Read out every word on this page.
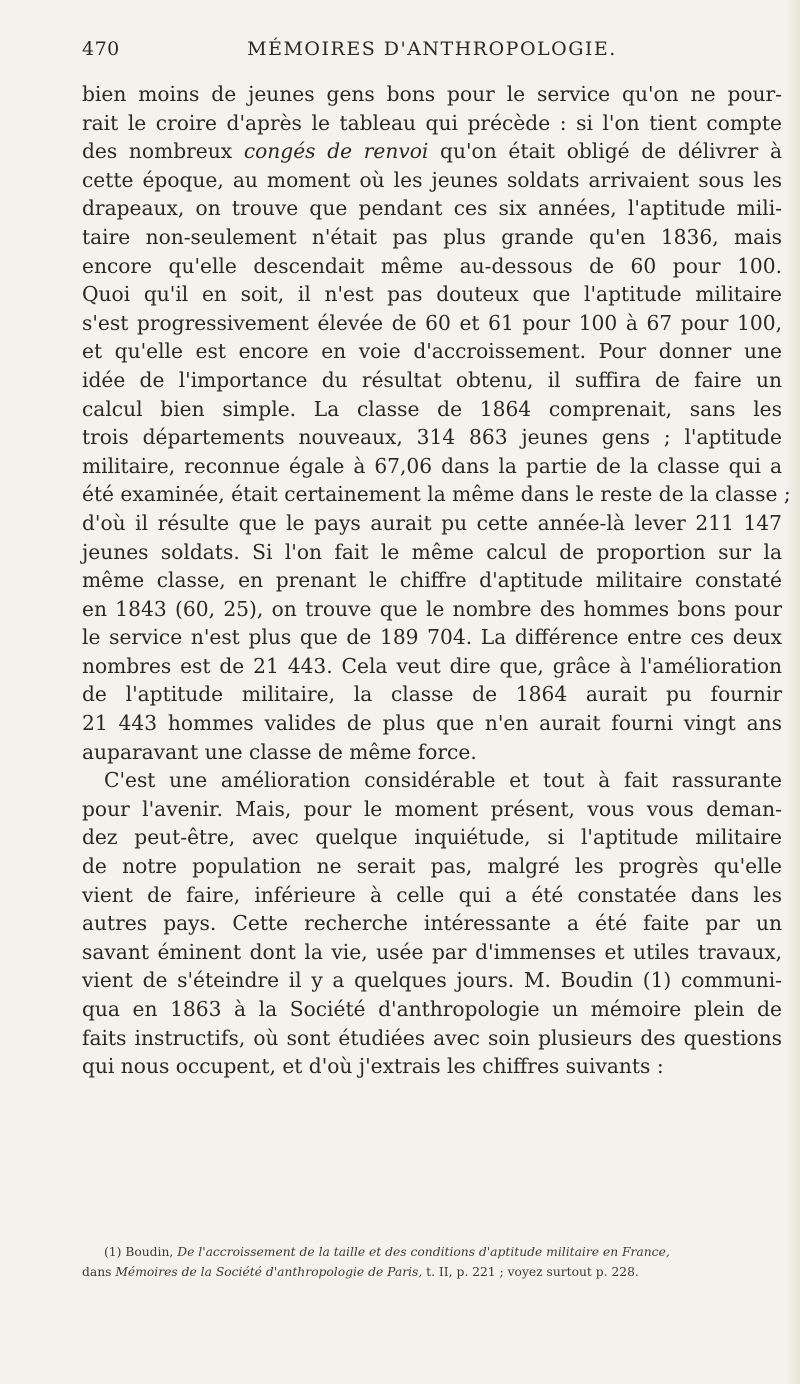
470	MÉMOIRES D'ANTHROPOLOGIE.
bien moins de jeunes gens bons pour le service qu'on ne pour-
rait le croire d'après le tableau qui précède : si l'on tient compte
des nombreux congés de renvoi qu'on était obligé de délivrer à
cette époque, au moment où les jeunes soldats arrivaient sous les
drapeaux, on trouve que pendant ces six années, l'aptitude mili-
taire non-seulement n'était pas plus grande qu'en 1836, mais
encore qu'elle descendait même au-dessous de 60 pour 100.
Quoi qu'il en soit, il n'est pas douteux que l'aptitude militaire
s'est progressivement élevée de 60 et 61 pour 100 à 67 pour 100,
et qu'elle est encore en voie d'accroissement. Pour donner une
idée de l'importance du résultat obtenu, il suffira de faire un
calcul bien simple. La classe de 1864 comprenait, sans les
trois départements nouveaux, 314 863 jeunes gens ; l'aptitude
militaire, reconnue égale à 67,06 dans la partie de la classe qui a
été examinée, était certainement la même dans le reste de la classe ;
d'où il résulte que le pays aurait pu cette année-là lever 211 147
jeunes soldats. Si l'on fait le même calcul de proportion sur la
même classe, en prenant le chiffre d'aptitude militaire constaté
en 1843 (60, 25), on trouve que le nombre des hommes bons pour
le service n'est plus que de 189 704. La différence entre ces deux
nombres est de 21 443. Cela veut dire que, grâce à l'amélioration
de l'aptitude militaire, la classe de 1864 aurait pu fournir
21 443 hommes valides de plus que n'en aurait fourni vingt ans
auparavant une classe de même force.
C'est une amélioration considérable et tout à fait rassurante
pour l'avenir. Mais, pour le moment présent, vous vous deman-
dez peut-être, avec quelque inquiétude, si l'aptitude militaire
de notre population ne serait pas, malgré les progrès qu'elle
vient de faire, inférieure à celle qui a été constatée dans les
autres pays. Cette recherche intéressante a été faite par un
savant éminent dont la vie, usée par d'immenses et utiles travaux,
vient de s'éteindre il y a quelques jours. M. Boudin (1) communi-
qua en 1863 à la Société d'anthropologie un mémoire plein de
faits instructifs, où sont étudiées avec soin plusieurs des questions
qui nous occupent, et d'où j'extrais les chiffres suivants :
(1) Boudin, De l'accroissement de la taille et des conditions d'aptitude militaire en France,
dans Mémoires de la Société d'anthropologie de Paris, t. II, p. 221 ; voyez surtout p. 228.
